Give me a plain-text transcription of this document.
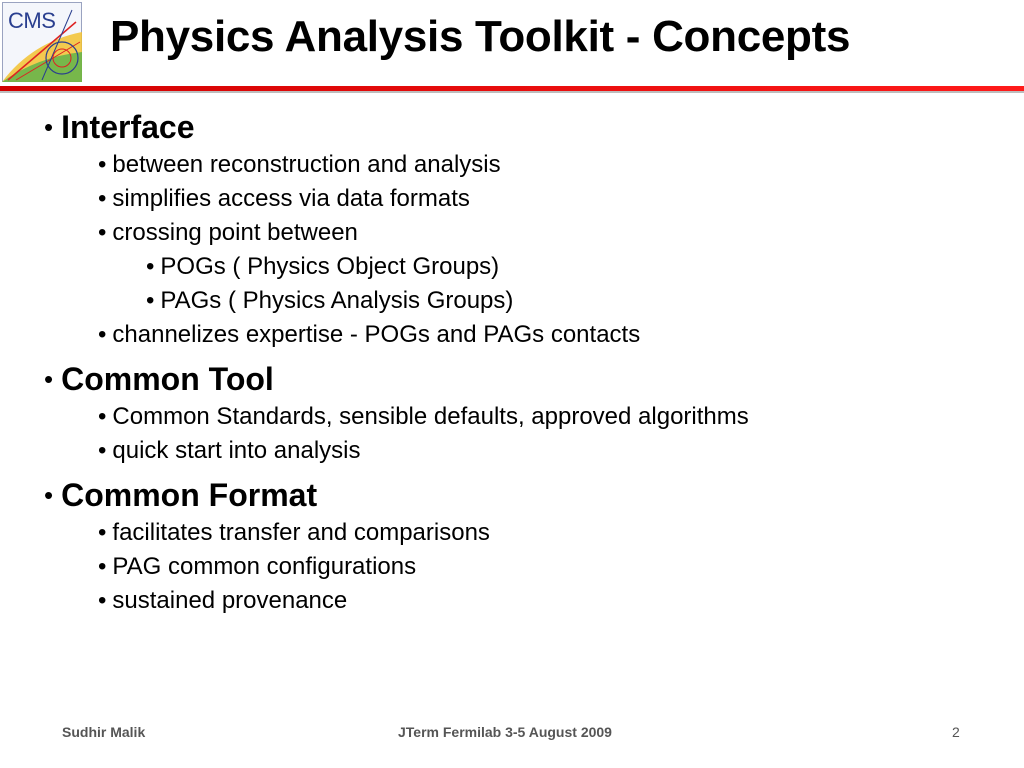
CMS Physics Analysis Toolkit - Concepts
• Interface
• between reconstruction and analysis
• simplifies access via data formats
• crossing point between
• POGs ( Physics Object Groups)
• PAGs ( Physics Analysis Groups)
• channelizes expertise - POGs and PAGs contacts
• Common Tool
• Common Standards, sensible defaults, approved algorithms
• quick start into analysis
• Common Format
• facilitates transfer and comparisons
• PAG common configurations
• sustained provenance
Sudhir Malik	JTerm Fermilab 3-5 August 2009	2
